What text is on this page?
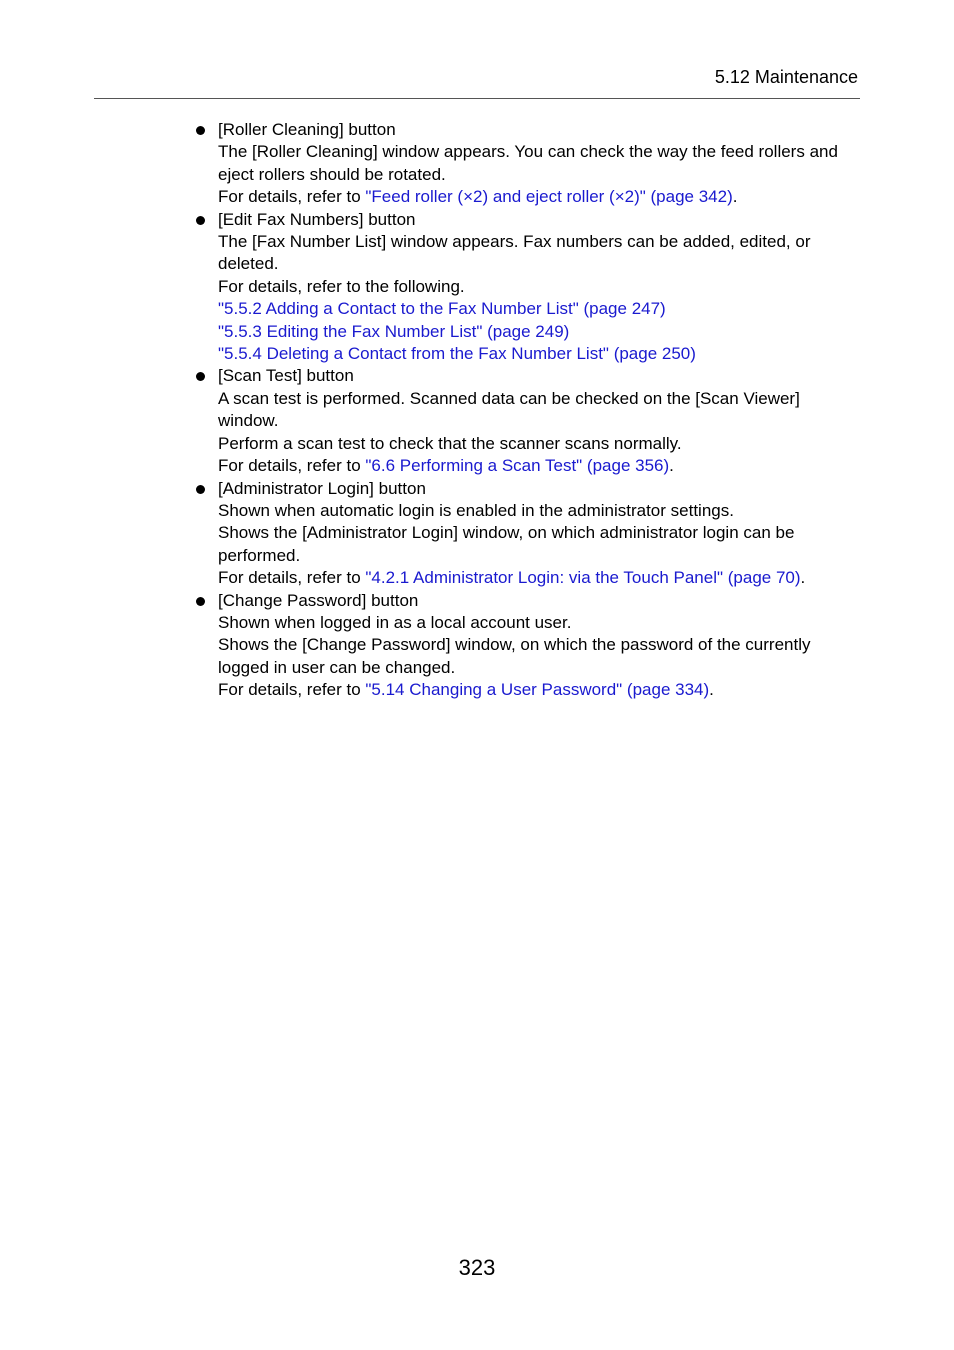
5.12 Maintenance
[Roller Cleaning] button
The [Roller Cleaning] window appears. You can check the way the feed rollers and eject rollers should be rotated.
For details, refer to "Feed roller (×2) and eject roller (×2)" (page 342).
[Edit Fax Numbers] button
The [Fax Number List] window appears. Fax numbers can be added, edited, or deleted.
For details, refer to the following.
"5.5.2 Adding a Contact to the Fax Number List" (page 247)
"5.5.3 Editing the Fax Number List" (page 249)
"5.5.4 Deleting a Contact from the Fax Number List" (page 250)
[Scan Test] button
A scan test is performed. Scanned data can be checked on the [Scan Viewer] window.
Perform a scan test to check that the scanner scans normally.
For details, refer to "6.6 Performing a Scan Test" (page 356).
[Administrator Login] button
Shown when automatic login is enabled in the administrator settings.
Shows the [Administrator Login] window, on which administrator login can be performed.
For details, refer to "4.2.1 Administrator Login: via the Touch Panel" (page 70).
[Change Password] button
Shown when logged in as a local account user.
Shows the [Change Password] window, on which the password of the currently logged in user can be changed.
For details, refer to "5.14 Changing a User Password" (page 334).
323
